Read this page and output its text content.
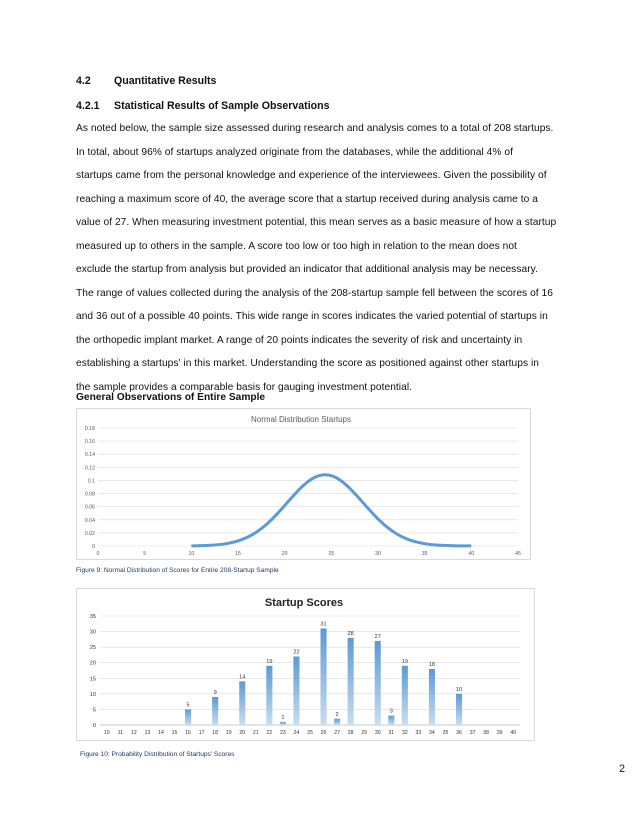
4.2 Quantitative Results
4.2.1 Statistical Results of Sample Observations
As noted below, the sample size assessed during research and analysis comes to a total of 208 startups.
In total, about 96% of startups analyzed originate from the databases, while the additional 4% of
startups came from the personal knowledge and experience of the interviewees. Given the possibility of
reaching a maximum score of 40, the average score that a startup received during analysis came to a
value of 27. When measuring investment potential, this mean serves as a basic measure of how a startup
measured up to others in the sample. A score too low or too high in relation to the mean does not
exclude the startup from analysis but provided an indicator that additional analysis may be necessary.
The range of values collected during the analysis of the 208-startup sample fell between the scores of 16
and 36 out of a possible 40 points. This wide range in scores indicates the varied potential of startups in
the orthopedic implant market. A range of 20 points indicates the severity of risk and uncertainty in
establishing a startups' in this market. Understanding the score as positioned against other startups in
the sample provides a comparable basis for gauging investment potential.
General Observations of Entire Sample
0
0.02
0.04
0.06
0.08
0.1
0.12
0.14
0.16
0.18
0	5	10	15	20	25	30	35	40	45
Normal Distribution Startups
Figure 9: Normal Distribution of Scores for Entire 208-Startup Sample
Startup Scores
0
5
10
15
20
25
30
35
5
9
14
19
1
22
31
2
28
27
3
19
18
10
10 11 12 13 14 15 16 17 18 19 20 21 22 23 24 25 26 27 28 29 30 31 32 33 34 35 36 37 38 39 40
Figure 10: Probability Distribution of Startups' Scores
2
